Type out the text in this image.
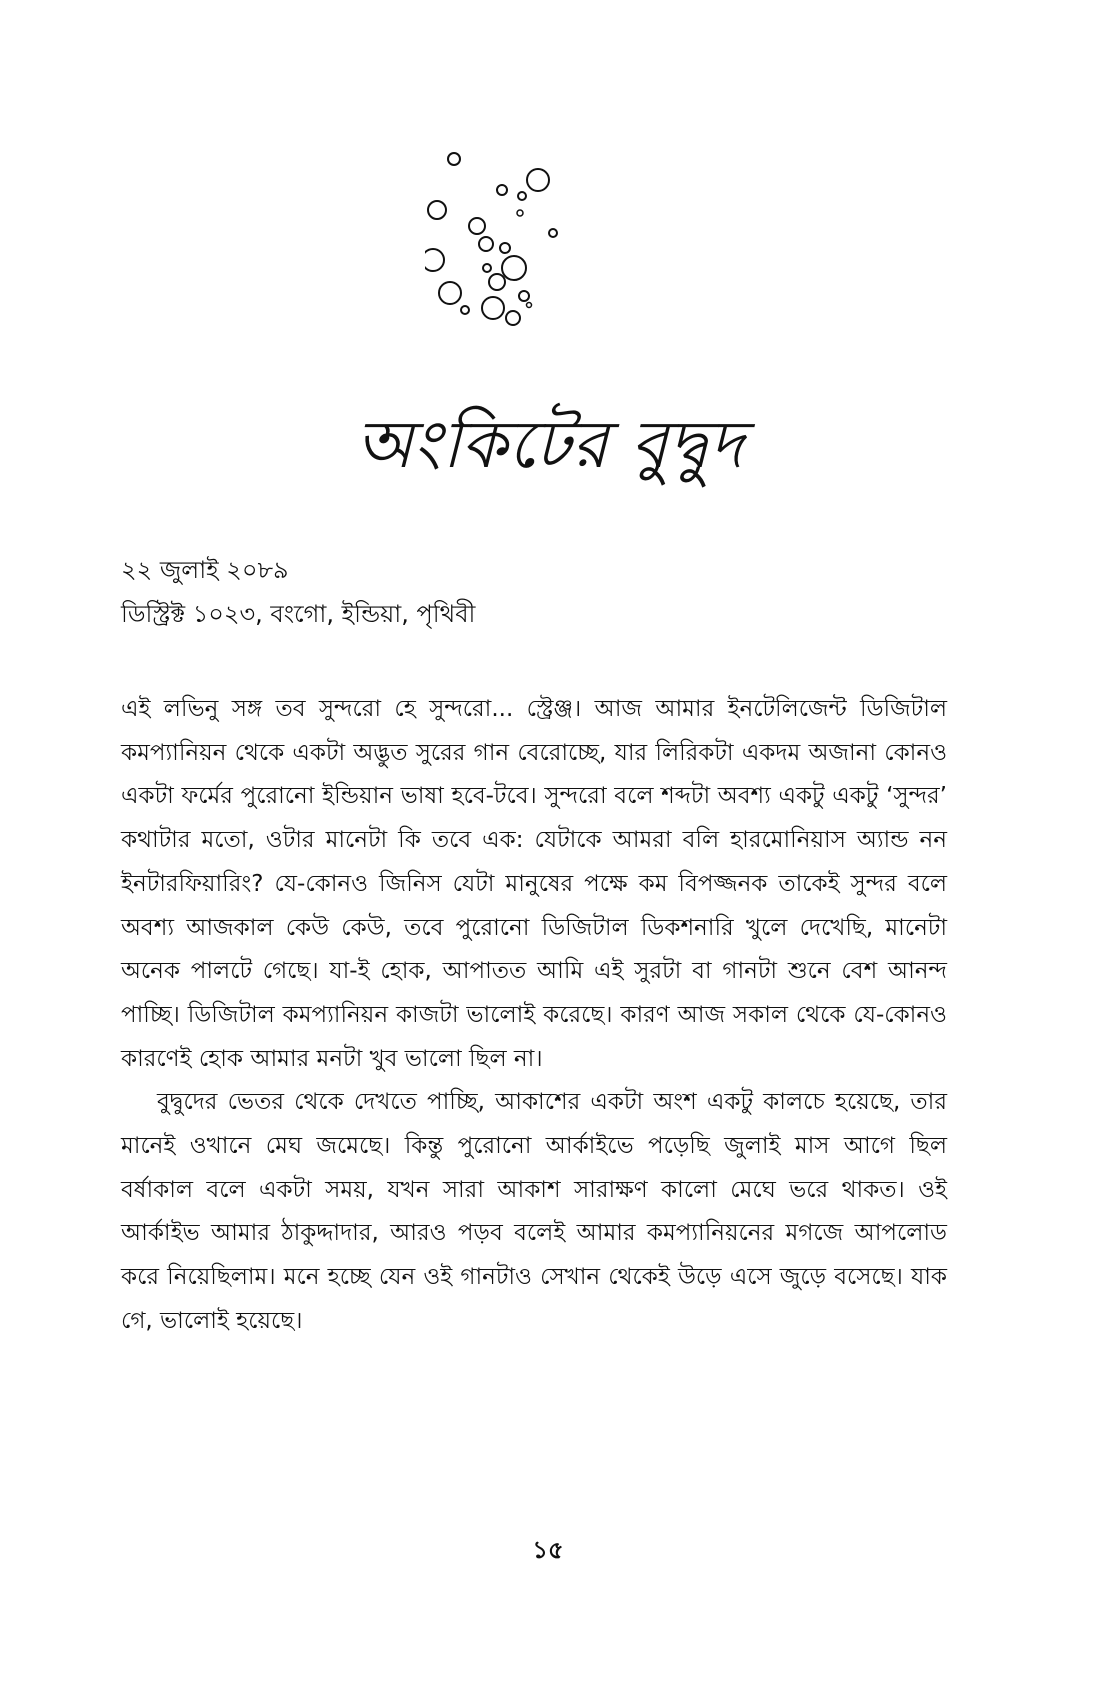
অংকিটের বুদ্বুদ
২২ জুলাই ২০৮৯
ডিস্ট্রিক্ট ১০২৩, বংগো, ইন্ডিয়া, পৃথিবী

এই লভিনু সঙ্গ তব সুন্দরো হে সুন্দরো... স্ট্রেঞ্জ। আজ আমার ইনটেলিজেন্ট ডিজিটাল কমপ্যানিয়ন থেকে একটা অদ্ভুত সুরের গান বেরোচ্ছে, যার লিরিকটা একদম অজানা কোনও একটা ফর্মের পুরোনো ইন্ডিয়ান ভাষা হবে-টবে। সুন্দরো বলে শব্দটা অবশ্য একটু একটু ‘সুন্দর’ কথাটার মতো, ওটার মানেটা কি তবে এক: যেটাকে আমরা বলি হারমোনিয়াস অ্যান্ড নন ইনটারফিয়ারিং? যে-কোনও জিনিস যেটা মানুষের পক্ষে কম বিপজ্জনক তাকেই সুন্দর বলে অবশ্য আজকাল কেউ কেউ, তবে পুরোনো ডিজিটাল ডিকশনারি খুলে দেখেছি, মানেটা অনেক পালটে গেছে। যা-ই হোক, আপাতত আমি এই সুরটা বা গানটা শুনে বেশ আনন্দ পাচ্ছি। ডিজিটাল কমপ্যানিয়ন কাজটা ভালোই করেছে। কারণ আজ সকাল থেকে যে-কোনও কারণেই হোক আমার মনটা খুব ভালো ছিল না।

বুদ্বুদের ভেতর থেকে দেখতে পাচ্ছি, আকাশের একটা অংশ একটু কালচে হয়েছে, তার মানেই ওখানে মেঘ জমেছে। কিন্তু পুরোনো আর্কাইভে পড়েছি জুলাই মাস আগে ছিল বর্ষাকাল বলে একটা সময়, যখন সারা আকাশ সারাক্ষণ কালো মেঘে ভরে থাকত। ওই আর্কাইভ আমার ঠাকুদ্দাদার, আরও পড়ব বলেই আমার কমপ্যানিয়নের মগজে আপলোড করে নিয়েছিলাম। মনে হচ্ছে যেন ওই গানটাও সেখান থেকেই উড়ে এসে জুড়ে বসেছে। যাক গে, ভালোই হয়েছে।

১৫
